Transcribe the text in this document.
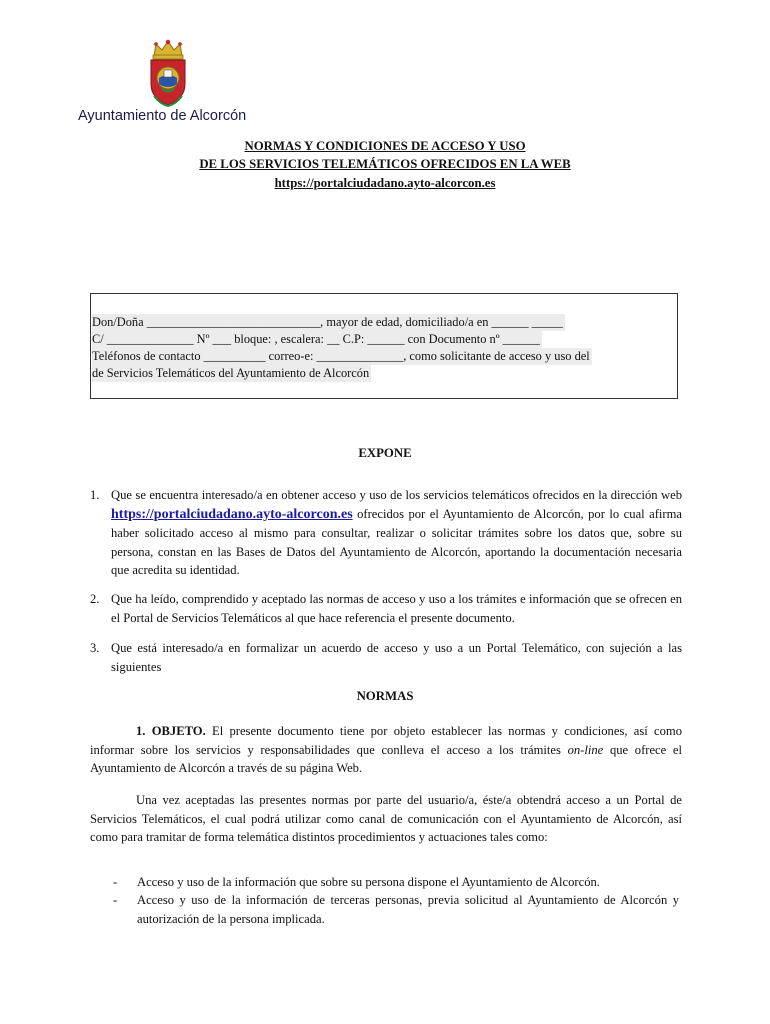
Ayuntamiento de Alcorcón
NORMAS Y CONDICIONES DE ACCESO Y USO
DE LOS SERVICIOS TELEMÁTICOS OFRECIDOS EN LA WEB
https://portalciudadano.ayto-alcorcon.es
Don/Doña ____________________________, mayor de edad, domiciliado/a en ______ _____
C/ ______________ Nº ___ bloque: , escalera: __ C.P: ______ con Documento nº ______
Teléfonos de contacto __________ correo-e: ______________, como solicitante de acceso y uso del
de Servicios Telemáticos del Ayuntamiento de Alcorcón
EXPONE
1. Que se encuentra interesado/a en obtener acceso y uso de los servicios telemáticos ofrecidos en la dirección web https://portalciudadano.ayto-alcorcon.es ofrecidos por el Ayuntamiento de Alcorcón, por lo cual afirma haber solicitado acceso al mismo para consultar, realizar o solicitar trámites sobre los datos que, sobre su persona, constan en las Bases de Datos del Ayuntamiento de Alcorcón, aportando la documentación necesaria que acredita su identidad.
2. Que ha leído, comprendido y aceptado las normas de acceso y uso a los trámites e información que se ofrecen en el Portal de Servicios Telemáticos al que hace referencia el presente documento.
3. Que está interesado/a en formalizar un acuerdo de acceso y uso a un Portal Telemático, con sujeción a las siguientes
NORMAS
1. OBJETO. El presente documento tiene por objeto establecer las normas y condiciones, así como informar sobre los servicios y responsabilidades que conlleva el acceso a los trámites on-line que ofrece el Ayuntamiento de Alcorcón a través de su página Web.
Una vez aceptadas las presentes normas por parte del usuario/a, éste/a obtendrá acceso a un Portal de Servicios Telemáticos, el cual podrá utilizar como canal de comunicación con el Ayuntamiento de Alcorcón, así como para tramitar de forma telemática distintos procedimientos y actuaciones tales como:
- Acceso y uso de la información que sobre su persona dispone el Ayuntamiento de Alcorcón.
- Acceso y uso de la información de terceras personas, previa solicitud al Ayuntamiento de Alcorcón y autorización de la persona implicada.
